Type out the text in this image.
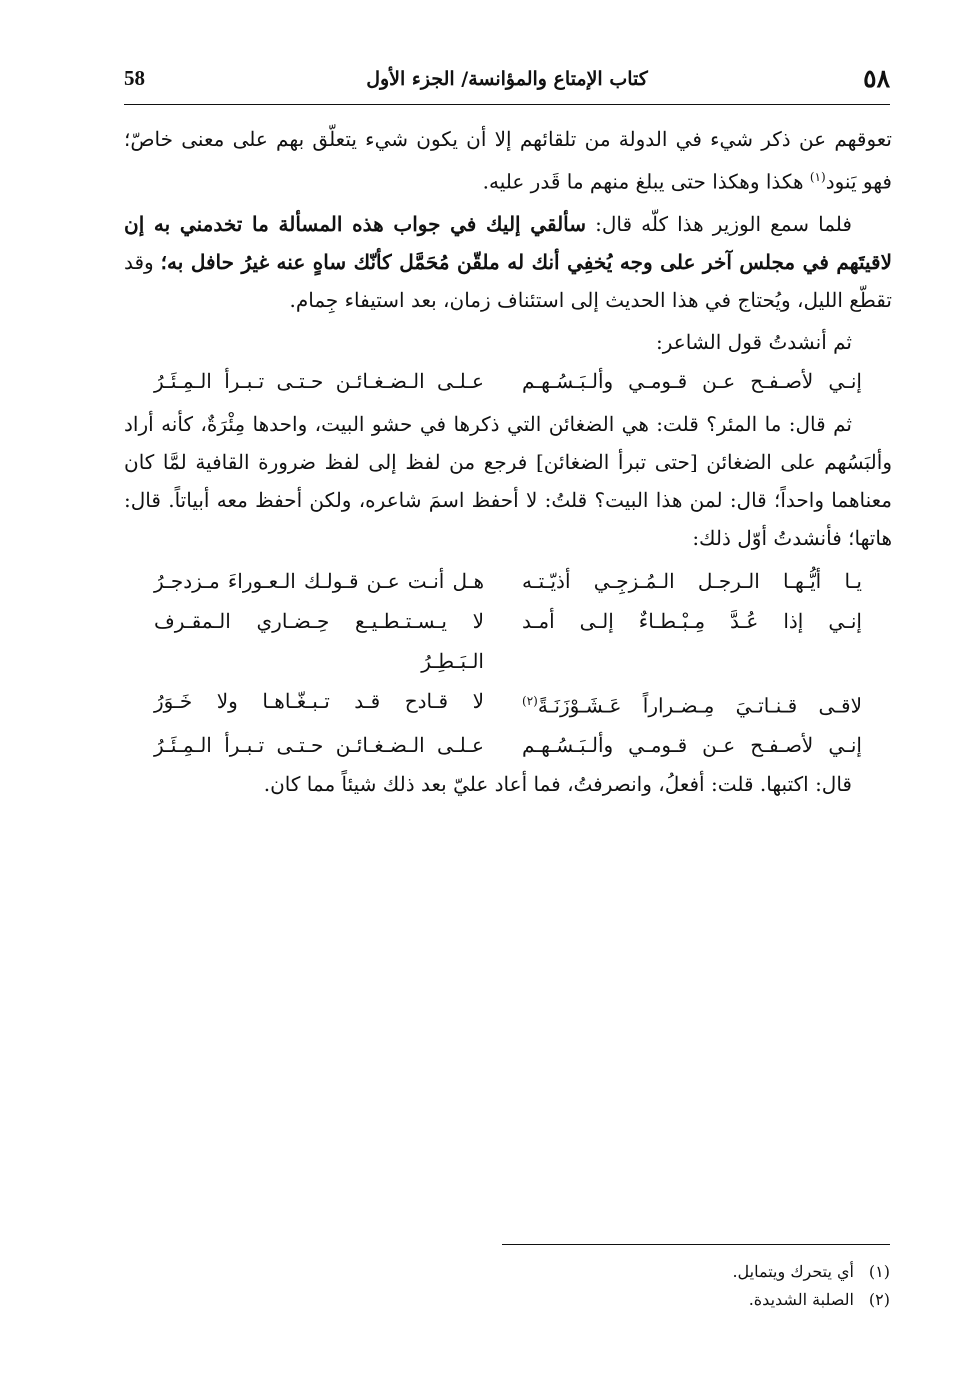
٥٨
كتاب الإمتاع والمؤانسة/ الجزء الأول
58

تعوقهم عن ذكر شيء في الدولة من تلقائهم إلا أن يكون شيء يتعلّق بهم على معنى خاصّ؛ فهو يَنود$^{(١)}$ هكذا وهكذا حتى يبلغ منهم ما قَدر عليه.

فلما سمع الوزير هذا كلّه قال: سألقي إليك في جواب هذه المسألة ما تخدمني به إن لاقيتَهم في مجلس آخر على وجه يُخفِي أنك له ملقّن مُحَمَّل كأنّك ساهٍ عنه غيرُ حافل به؛ وقد تقطّع الليل، ويُحتاج في هذا الحديث إلى استئناف زمان، بعد استيفاء جِمام.

ثم أنشدتُ قول الشاعر:

إنـي لأصـفـح عـن قـومـي وألـبَـسُـهـم
عـلـى الـضـغـائـن حـتـى تـبـرأ الـمِـئَـرُ

ثم قال: ما المئر؟ قلت: هي الضغائن التي ذكرها في حشو البيت، واحدها مِئْرَةٌ، كأنه أراد وألبَسُهم على الضغائن [حتى تبرأ الضغائن] فرجع من لفظ إلى لفظ ضرورة القافية لمَّا كان معناهما واحداً؛ قال: لمن هذا البيت؟ قلتُ: لا أحفظ اسمَ شاعره، ولكن أحفظ معه أبياتاً. قال: هاتها؛ فأنشدتُ أوّل ذلك:

يـا أيُّـهـا الـرجـل الـمُـزجِـي أذيّـتـه
هـل أنـت عـن قـولـك الـعـوراءَ مـزدجـرُ
إنـي إذا عُـدَّ مِـبْـطـاءٌ إلـى أمـد
لا يـسـتـطـيـع حِـضـاري الـمقـرف الـبَـطِـرُ
لاقـى قـنـاتـيَ مِـضـراراً عَـشَـوْزَنَـةً$^{(٢)}$
لا قـادح قـد تـبـغّـاهـا ولا خَـوَرُ
إنـي لأصـفـح عـن قـومـي وألـبَـسُـهـم
عـلـى الـضـغـائـن حـتـى تـبـرأ الـمِـئَـرُ

قال: اكتبها. قلت: أفعلُ، وانصرفتُ، فما أعاد عليّ بعد ذلك شيئاً مما كان.

(١)أي يتحرك ويتمايل.

(٢)الصلبة الشديدة.
